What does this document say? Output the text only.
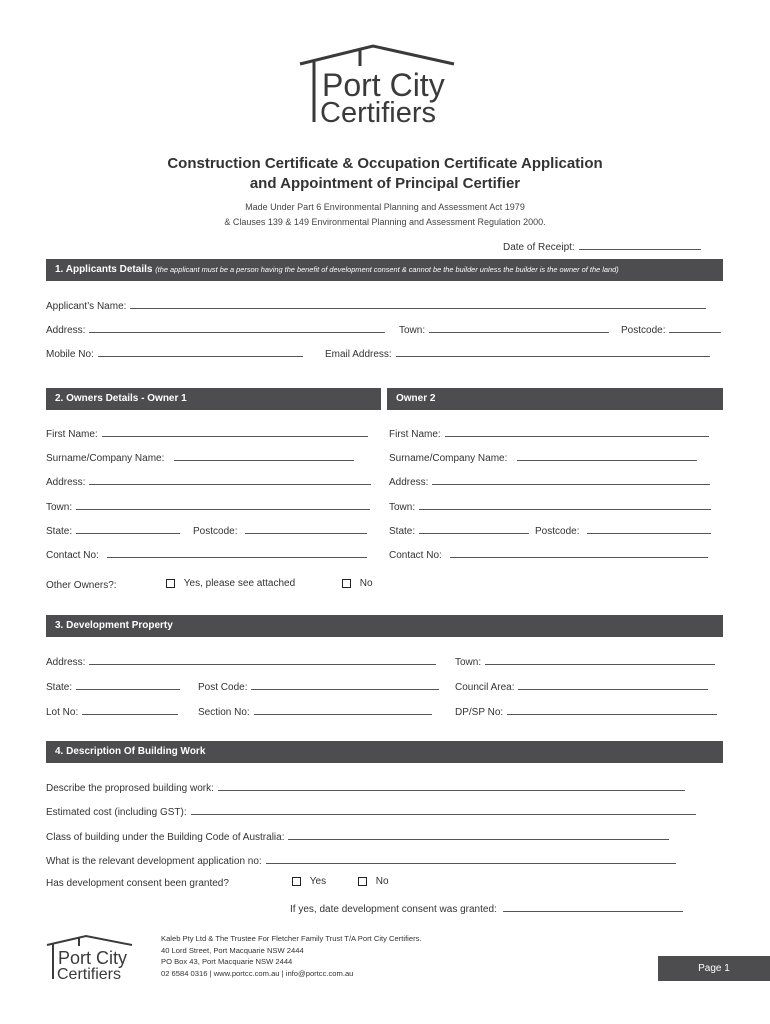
Port City
Certifiers
Construction Certificate & Occupation Certificate Application
and Appointment of Principal Certifier
Made Under Part 6 Environmental Planning and Assessment Act 1979
& Clauses 139 & 149 Environmental Planning and Assessment Regulation 2000.
Date of Receipt:
1. Applicants Details (the applicant must be a person having the benefit of development consent & cannot be the builder unless the builder is the owner of the land)
Applicant’s Name:
Address:	Town:	Postcode:
Mobile No:	Email Address:
2. Owners Details - Owner 1	Owner 2
First Name:
Surname/Company Name:
Address:
Town:
State:	Postcode:
Contact No:
First Name:
Surname/Company Name:
Address:
Town:
State:	Postcode:
Contact No:
Other Owners?:	Yes, please see attached	No
3. Development Property
Address:	Town:
State:	Post Code:	Council Area:
Lot No:	Section No:	DP/SP No:
4. Description Of Building Work
Describe the proprosed building work:
Estimated cost (including GST):
Class of building under the Building Code of Australia:
What is the relevant development application no:
Has development consent been granted?	Yes	No
If yes, date development consent was granted:
Port City
Certifiers
Kaleb Pty Ltd & The Trustee For Fletcher Family Trust T/A Port City Certifiers.
40 Lord Street, Port Macquarie NSW 2444
PO Box 43, Port Macquarie NSW 2444
02 6584 0316 | www.portcc.com.au | info@portcc.com.au	Page 1
